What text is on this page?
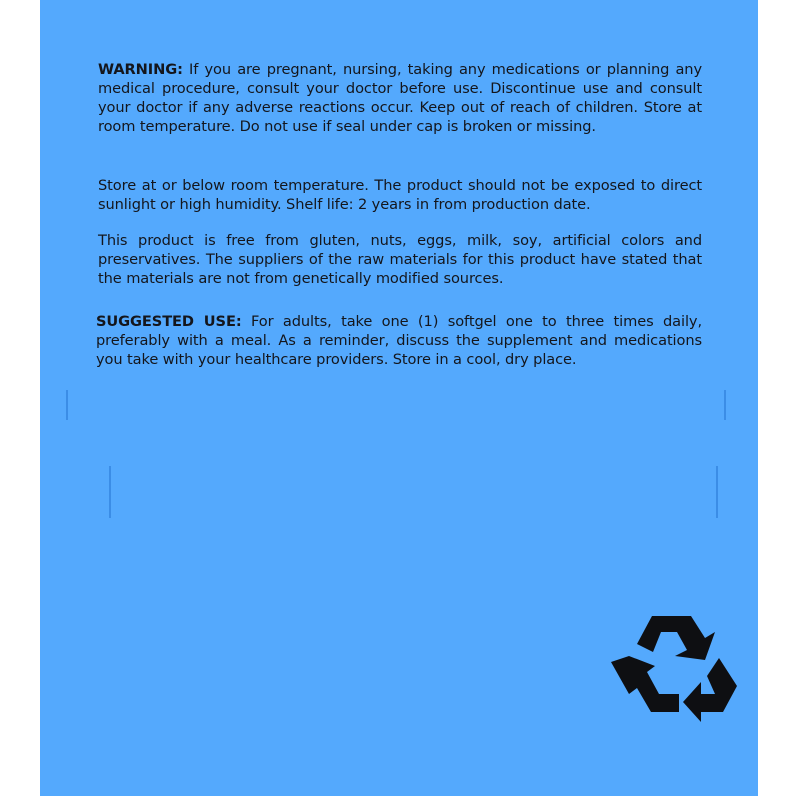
WARNING: If you are pregnant, nursing, taking any medications or planning any medical procedure, consult your doctor before use. Discontinue use and consult your doctor if any adverse reactions occur. Keep out of reach of children. Store at room temperature. Do not use if seal under cap is broken or missing.

Store at or below room temperature. The product should not be exposed to direct sunlight or high humidity. Shelf life: 2 years in from production date.

This product is free from gluten, nuts, eggs, milk, soy, artificial colors and preservatives. The suppliers of the raw materials for this product have stated that the materials are not from genetically modified sources.

SUGGESTED USE: For adults, take one (1) softgel one to three times daily, preferably with a meal. As a reminder, discuss the supplement and medications you take with your healthcare providers. Store in a cool, dry place.
